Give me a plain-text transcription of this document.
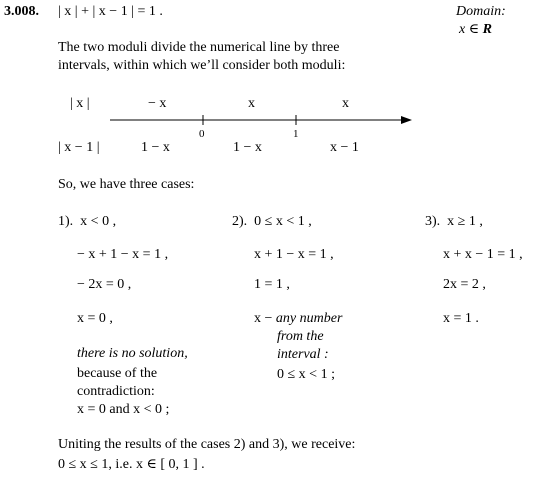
3.008. | x | + | x − 1 | = 1 .	Domain:
x ∈ R
The two moduli divide the numerical line by three
intervals, within which we’ll consider both moduli:
| x |	− x	x	x
0	1
| x − 1 |	1 − x	1 − x	x − 1
So, we have three cases:
1). x < 0 ,
− x + 1 − x = 1 ,
− 2x = 0 ,
x = 0 ,
there is no solution,
because of the
contradiction:
x = 0 and x < 0 ;
2). 0 ≤ x < 1 ,
x + 1 − x = 1 ,
1 = 1 ,
x − any number
from the
interval :
0 ≤ x < 1 ;
3). x ≥ 1 ,
x + x − 1 = 1 ,
2x = 2 ,
x = 1 .
Uniting the results of the cases 2) and 3), we receive:
0 ≤ x ≤ 1, i.e. x ∈ [ 0, 1 ] .
